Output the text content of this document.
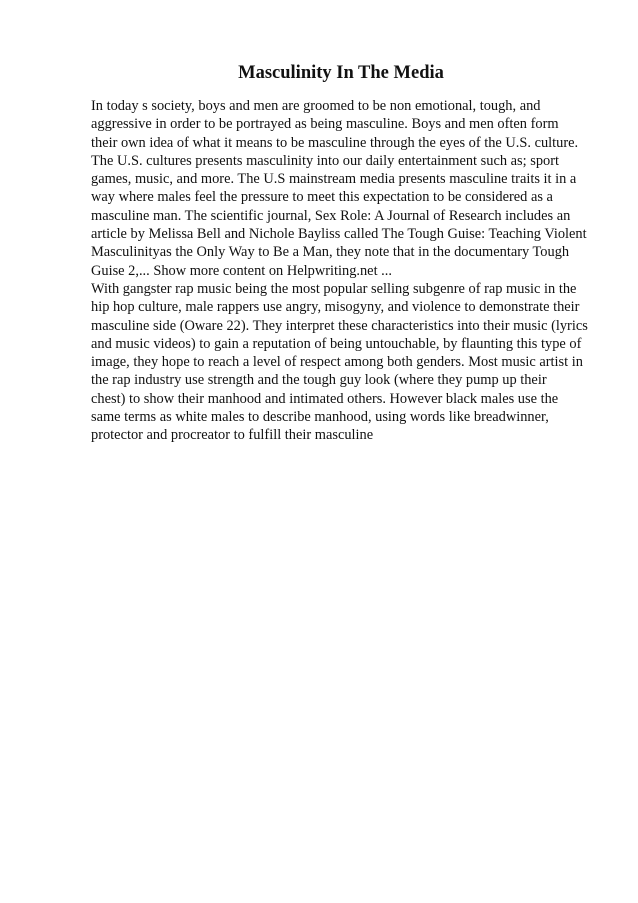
Masculinity In The Media
In today s society, boys and men are groomed to be non emotional, tough, and
aggressive in order to be portrayed as being masculine. Boys and men often form
their own idea of what it means to be masculine through the eyes of the U.S. culture.
The U.S. cultures presents masculinity into our daily entertainment such as; sport
games, music, and more. The U.S mainstream media presents masculine traits it in a
way where males feel the pressure to meet this expectation to be considered as a
masculine man. The scientific journal, Sex Role: A Journal of Research includes an
article by Melissa Bell and Nichole Bayliss called The Tough Guise: Teaching Violent
Masculinityas the Only Way to Be a Man, they note that in the documentary Tough
Guise 2,... Show more content on Helpwriting.net ...
With gangster rap music being the most popular selling subgenre of rap music in the
hip hop culture, male rappers use angry, misogyny, and violence to demonstrate their
masculine side (Oware 22). They interpret these characteristics into their music (lyrics
and music videos) to gain a reputation of being untouchable, by flaunting this type of
image, they hope to reach a level of respect among both genders. Most music artist in
the rap industry use strength and the tough guy look (where they pump up their
chest) to show their manhood and intimated others. However black males use the
same terms as white males to describe manhood, using words like breadwinner,
protector and procreator to fulfill their masculine
